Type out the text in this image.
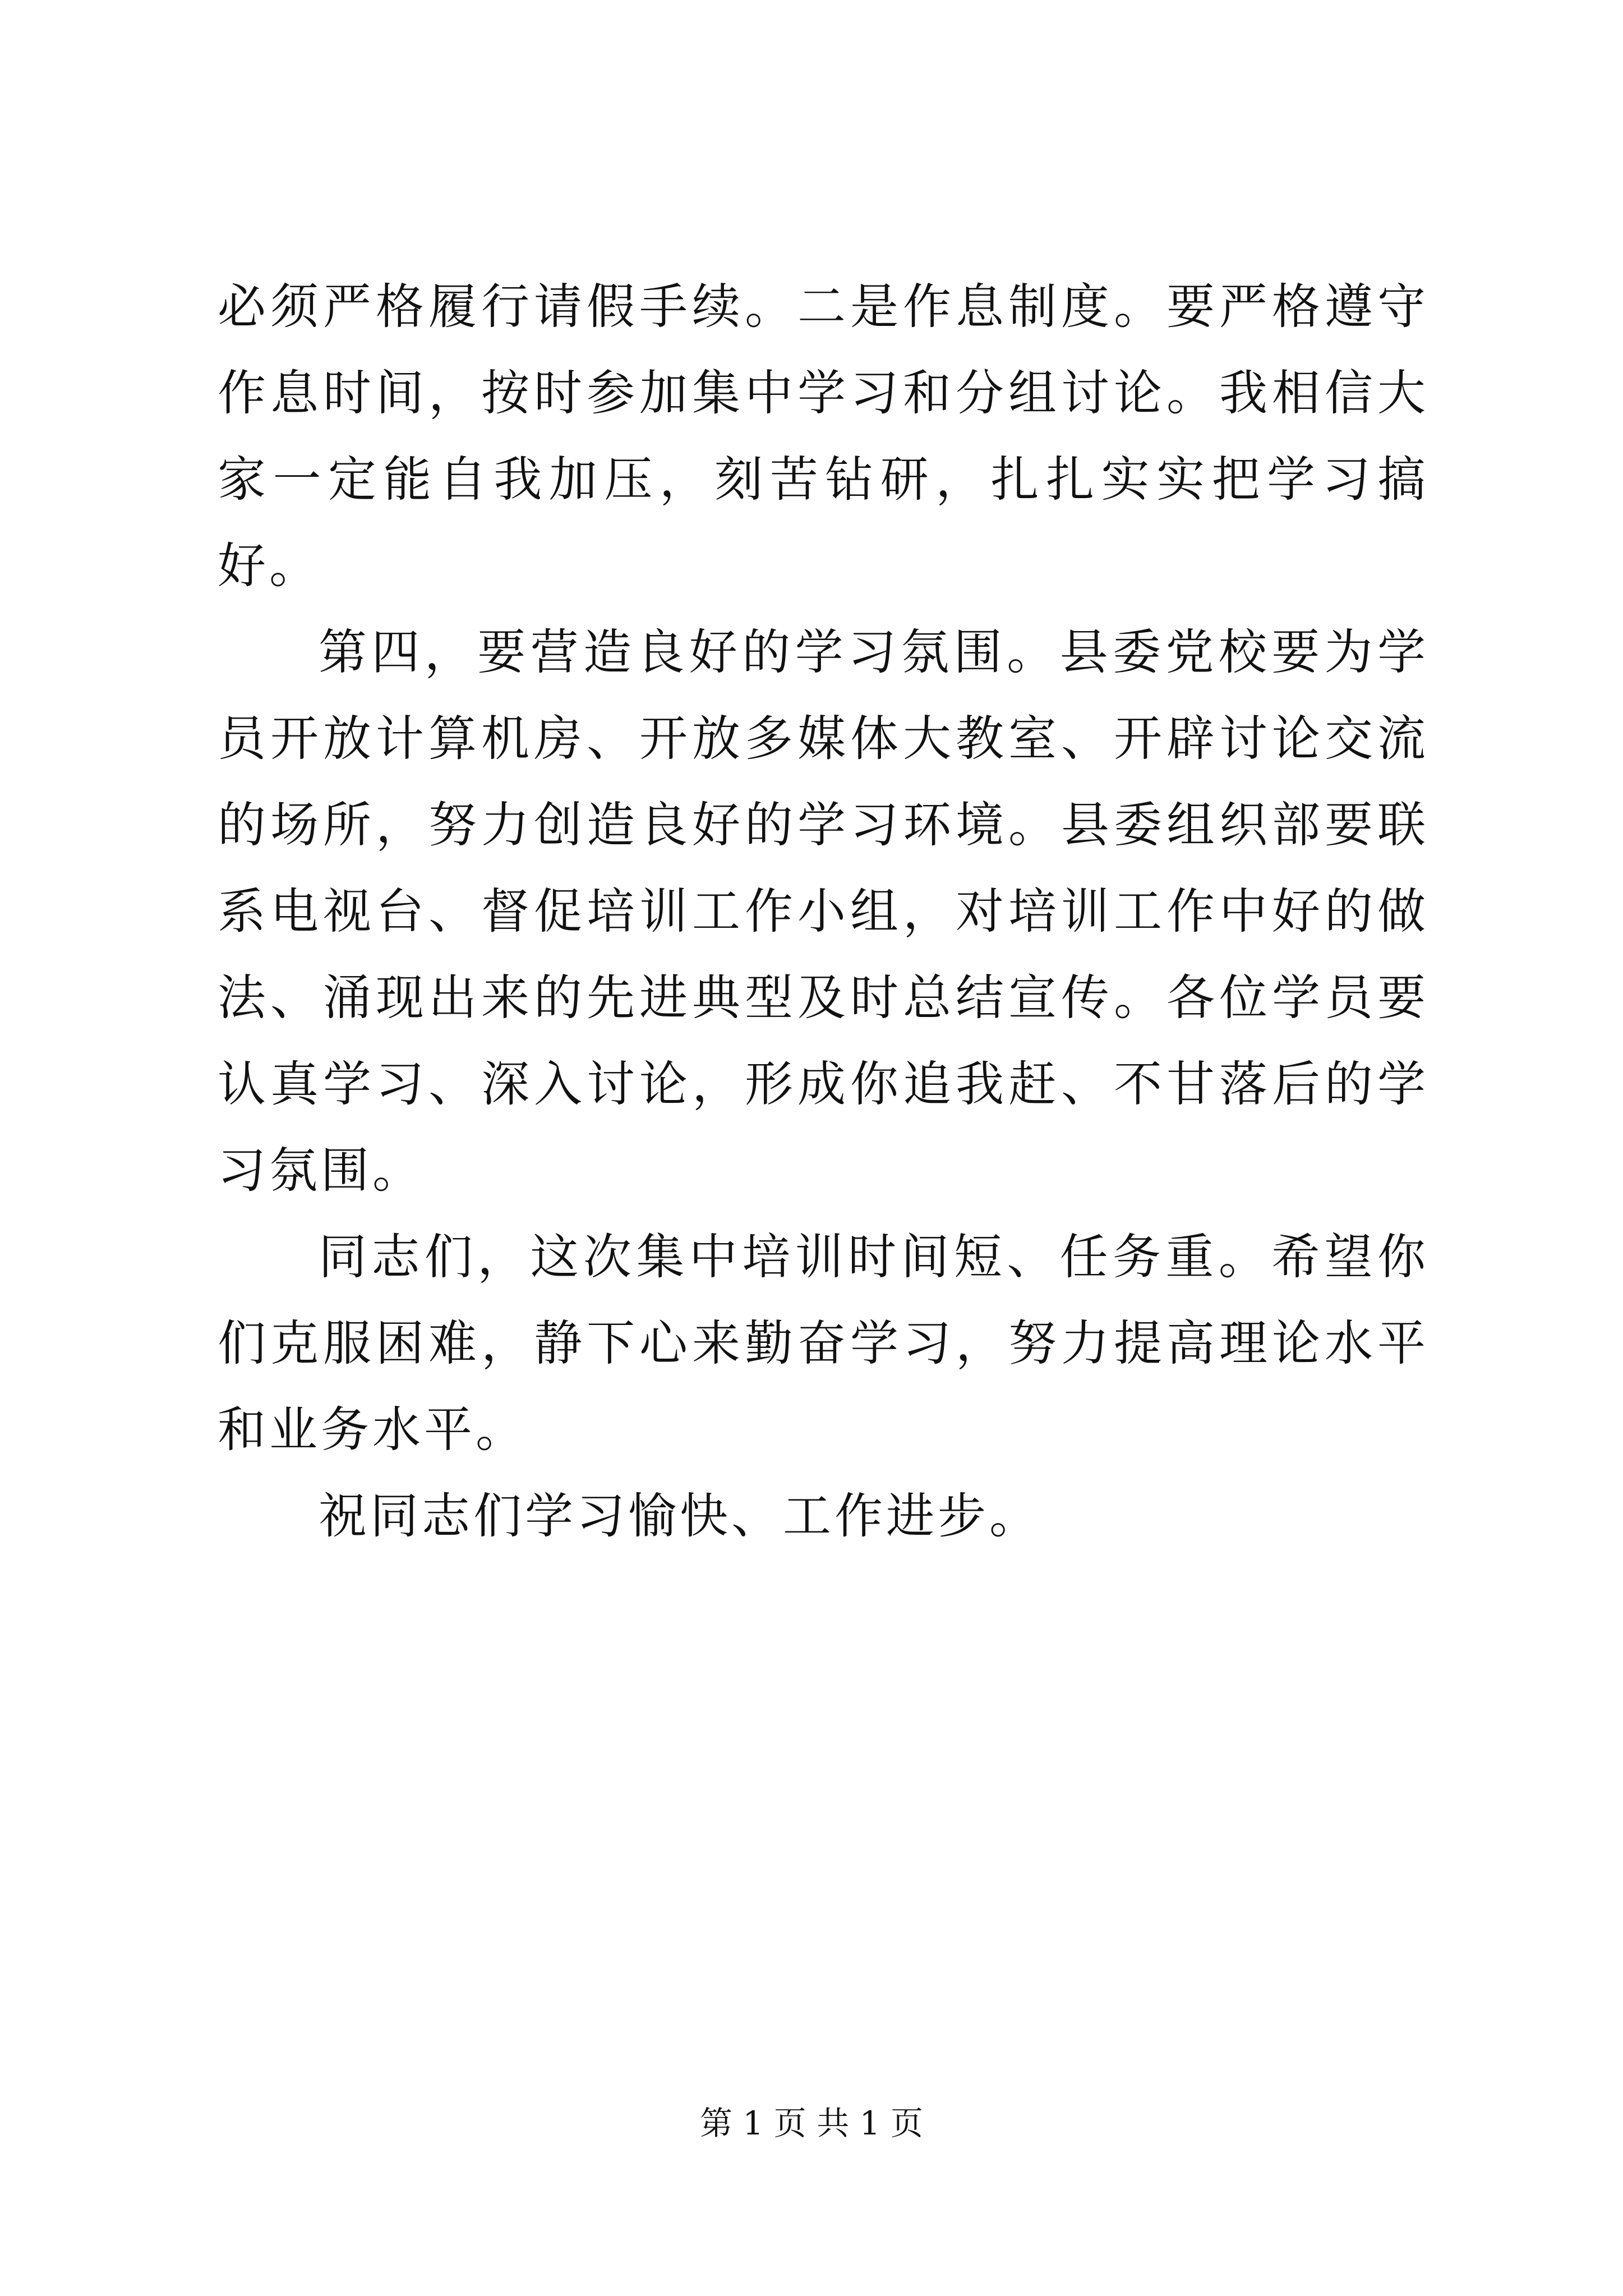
必须严格履行请假手续。二是作息制度。要严格遵守作息时间，按时参加集中学习和分组讨论。我相信大家一定能自我加压，刻苦钻研，扎扎实实把学习搞好。

第四，要营造良好的学习氛围。县委党校要为学员开放计算机房、开放多媒体大教室、开辟讨论交流的场所，努力创造良好的学习环境。县委组织部要联系电视台、督促培训工作小组，对培训工作中好的做法、涌现出来的先进典型及时总结宣传。各位学员要认真学习、深入讨论，形成你追我赶、不甘落后的学习氛围。

同志们，这次集中培训时间短、任务重。希望你们克服困难，静下心来勤奋学习，努力提高理论水平和业务水平。

祝同志们学习愉快、工作进步。

第 1 页 共 1 页
